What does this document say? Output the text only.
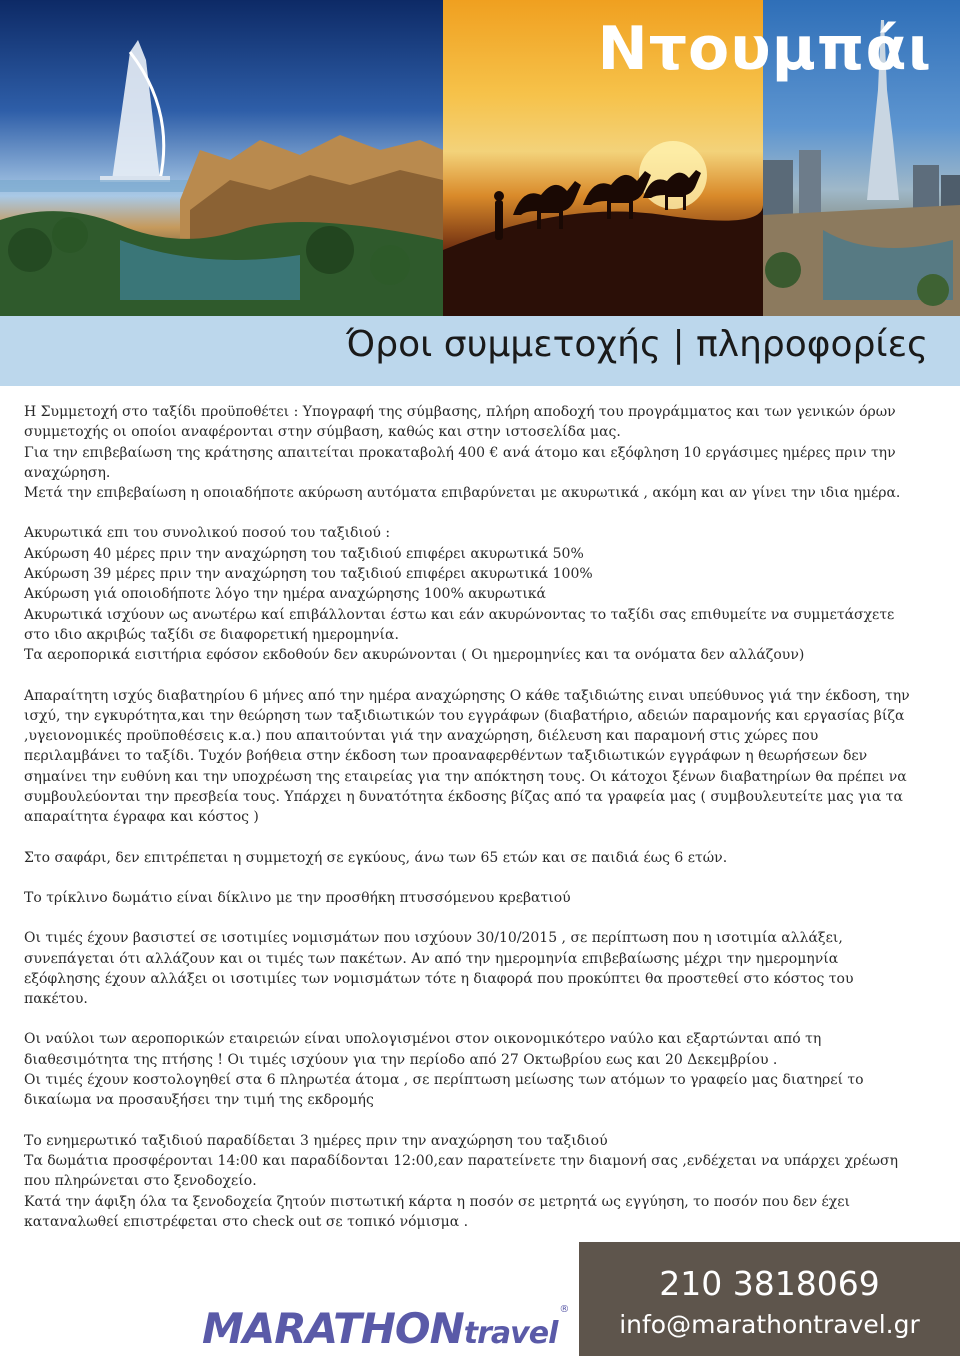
Ντουμπάι
Όροι συμμετοχής | πληροφορίες

Η Συμμετοχή στο ταξίδι προϋποθέτει : Υπογραφή της σύμβασης, πλήρη αποδοχή του προγράμματος και των γενικών όρων συμμετοχής οι οποίοι αναφέρονται στην σύμβαση, καθώς και στην ιστοσελίδα μας.

Για την επιβεβαίωση της κράτησης απαιτείται προκαταβολή 400 € ανά άτομο και εξόφληση 10 εργάσιμες ημέρες πριν την αναχώρηση.

Μετά την επιβεβαίωση η οποιαδήποτε ακύρωση αυτόματα επιβαρύνεται με ακυρωτικά , ακόμη και αν γίνει την ιδια ημέρα.

Ακυρωτικά επι του συνολικού ποσού του ταξιδιού :

Ακύρωση 40 μέρες πριν την αναχώρηση του ταξιδιού επιφέρει ακυρωτικά 50%

Ακύρωση 39 μέρες πριν την αναχώρηση του ταξιδιού επιφέρει ακυρωτικά 100%

Ακύρωση γιά οποιοδήποτε λόγο την ημέρα αναχώρησης 100% ακυρωτικά

Ακυρωτικά ισχύουν ως ανωτέρω καί επιβάλλονται έστω και εάν ακυρώνοντας το ταξίδι σας επιθυμείτε να συμμετάσχετε στο ιδιο ακριβώς ταξίδι σε διαφορετική ημερομηνία.

Τα αεροπορικά εισιτήρια εφόσον εκδοθούν δεν ακυρώνονται ( Οι ημερομηνίες και τα ονόματα δεν αλλάζουν)

Απαραίτητη ισχύς διαβατηρίου 6 μήνες από την ημέρα αναχώρησης Ο κάθε ταξιδιώτης ειναι υπεύθυνος γιά την έκδοση, την ισχύ, την εγκυρότητα,και την θεώρηση των ταξιδιωτικών του εγγράφων (διαβατήριο, αδειών παραμονής και εργασίας βίζα ,υγειονομικές προϋποθέσεις κ.α.) που απαιτούνται γιά την αναχώρηση, διέλευση και παραμονή στις χώρες που περιλαμβάνει το ταξίδι. Τυχόν βοήθεια στην έκδοση των προαναφερθέντων ταξιδιωτικών εγγράφων η θεωρήσεων δεν σημαίνει την ευθύνη και την υποχρέωση της εταιρείας για την απόκτηση τους. Οι κάτοχοι ξένων διαβατηρίων θα πρέπει να συμβουλεύονται την πρεσβεία τους. Υπάρχει η δυνατότητα έκδοσης βίζας από τα γραφεία μας ( συμβουλευτείτε μας για τα απαραίτητα έγραφα και κόστος )

Στο σαφάρι, δεν επιτρέπεται η συμμετοχή σε εγκύους, άνω των 65 ετών και σε παιδιά έως 6 ετών.

Το τρίκλινο δωμάτιο είναι δίκλινο με την προσθήκη πτυσσόμενου κρεβατιού

Οι τιμές έχουν βασιστεί σε ισοτιμίες νομισμάτων που ισχύουν 30/10/2015 , σε περίπτωση που η ισοτιμία αλλάξει, συνεπάγεται ότι αλλάζουν και οι τιμές των πακέτων. Αν από την ημερομηνία επιβεβαίωσης μέχρι την ημερομηνία εξόφλησης έχουν αλλάξει οι ισοτιμίες των νομισμάτων τότε η διαφορά που προκύπτει θα προστεθεί στο κόστος του πακέτου.

Οι ναύλοι των αεροπορικών εταιρειών είναι υπολογισμένοι στον οικονομικότερο ναύλο και εξαρτώνται από τη διαθεσιμότητα της πτήσης ! Οι τιμές ισχύουν για την περίοδο από 27 Οκτωβρίου εως και 20 Δεκεμβρίου .

Οι τιμές έχουν κοστολογηθεί στα 6 πληρωτέα άτομα , σε περίπτωση μείωσης των ατόμων το γραφείο μας διατηρεί το δικαίωμα να προσαυξήσει την τιμή της εκδρομής

Το ενημερωτικό ταξιδιού παραδίδεται 3 ημέρες πριν την αναχώρηση του ταξιδιού

Τα δωμάτια προσφέρονται 14:00 και παραδίδονται 12:00,εαν παρατείνετε την διαμονή σας ,ενδέχεται να υπάρχει χρέωση που πληρώνεται στο ξενοδοχείο.

Κατά την άφιξη όλα τα ξενοδοχεία ζητούν πιστωτική κάρτα η ποσόν σε μετρητά ως εγγύηση, το ποσόν που δεν έχει καταναλωθεί επιστρέφεται στο check out σε τοπικό νόμισμα .

MARATHONtravel®
210 3818069
info@marathontravel.gr
